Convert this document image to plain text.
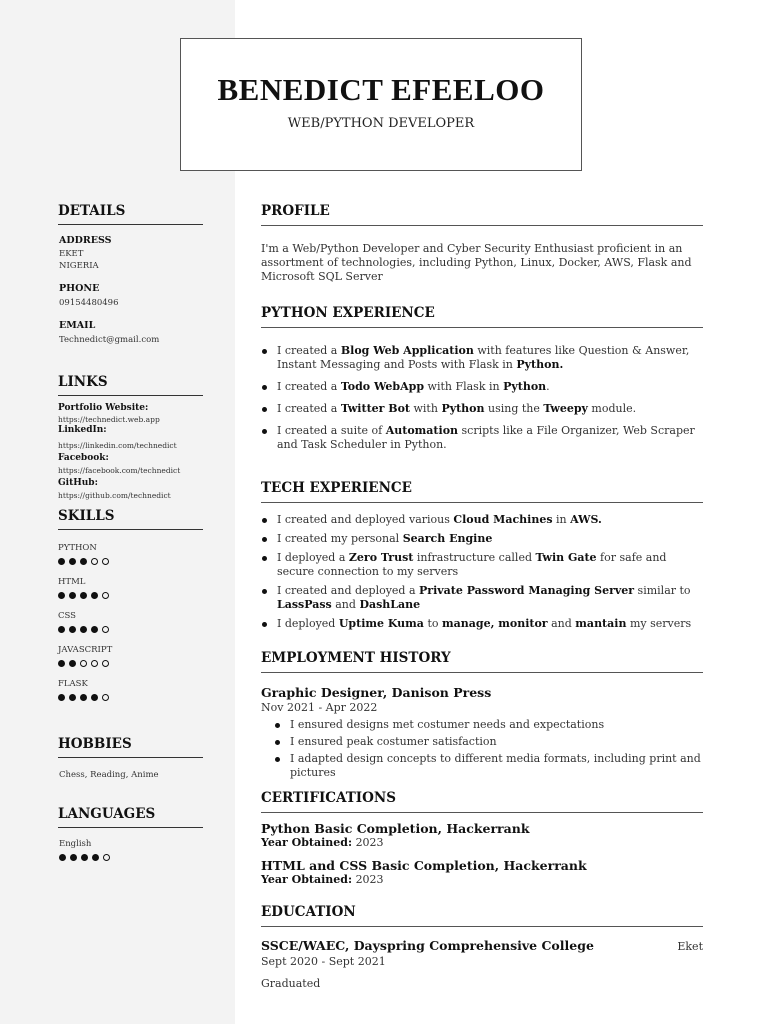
BENEDICT EFEELOO
WEB/PYTHON DEVELOPER
DETAILS
ADDRESS
EKET
NIGERIA
PHONE
09154480496
EMAIL
Technedict@gmail.com
LINKS
Portfolio Website:
https://technedict.web.app
LinkedIn:
https://linkedin.com/technedict
Facebook:
https://facebook.com/technedict
GitHub:
https://github.com/technedict
SKILLS
PYTHON
HTML
CSS
JAVASCRIPT
FLASK
HOBBIES
Chess, Reading, Anime
LANGUAGES
English
PROFILE
I'm a Web/Python Developer and Cyber Security Enthusiast proficient in an assortment of technologies, including Python, Linux, Docker, AWS, Flask and Microsoft SQL Server
PYTHON EXPERIENCE
I created a Blog Web Application with features like Question & Answer, Instant Messaging and Posts with Flask in Python.
I created a Todo WebApp with Flask in Python.
I created a Twitter Bot with Python using the Tweepy module.
I created a suite of Automation scripts like a File Organizer, Web Scraper and Task Scheduler in Python.
TECH EXPERIENCE
I created and deployed various Cloud Machines in AWS.
I created my personal Search Engine
I deployed a Zero Trust infrastructure called Twin Gate for safe and secure connection to my servers
I created and deployed a Private Password Managing Server similar to LassPass and DashLane
I deployed Uptime Kuma to manage, monitor and mantain my servers
EMPLOYMENT HISTORY
Graphic Designer, Danison Press
Nov 2021 - Apr 2022
I ensured designs met costumer needs and expectations
I ensured peak costumer satisfaction
I adapted design concepts to different media formats, including print and pictures
CERTIFICATIONS
Python Basic Completion, Hackerrank
Year Obtained: 2023
HTML and CSS Basic Completion, Hackerrank
Year Obtained: 2023
EDUCATION
SSCE/WAEC, Dayspring Comprehensive College	Eket
Sept 2020 - Sept 2021
Graduated
